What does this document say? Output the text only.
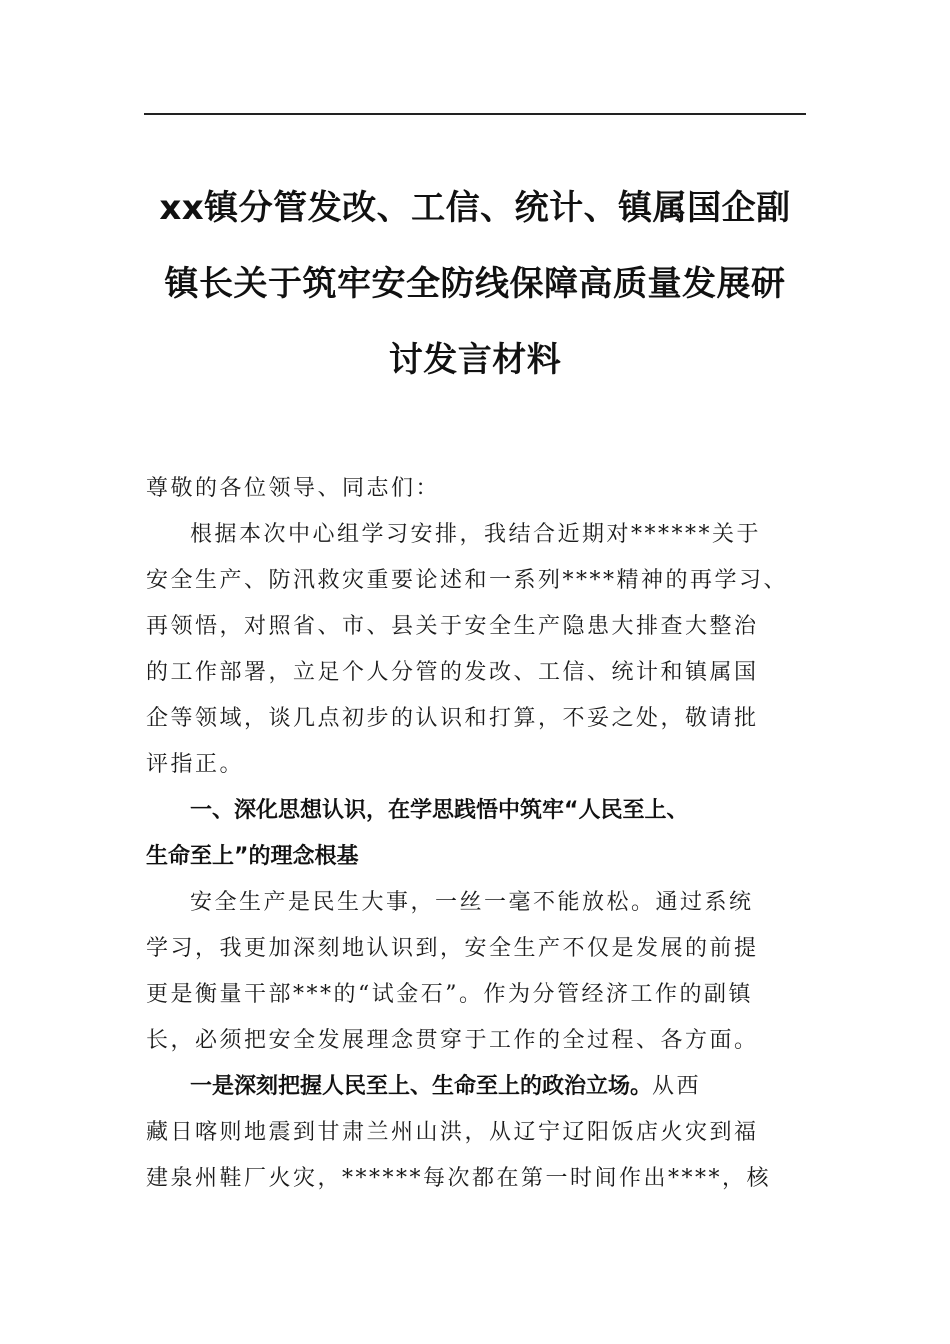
xx镇分管发改、工信、统计、镇属国企副
镇长关于筑牢安全防线保障高质量发展研
讨发言材料
尊敬的各位领导、同志们：
根据本次中心组学习安排，我结合近期对******关于
安全生产、防汛救灾重要论述和一系列****精神的再学习、
再领悟，对照省、市、县关于安全生产隐患大排查大整治
的工作部署，立足个人分管的发改、工信、统计和镇属国
企等领域，谈几点初步的认识和打算，不妥之处，敬请批
评指正。
一、深化思想认识，在学思践悟中筑牢“人民至上、
生命至上”的理念根基
安全生产是民生大事，一丝一毫不能放松。通过系统
学习，我更加深刻地认识到，安全生产不仅是发展的前提
更是衡量干部***的“试金石”。作为分管经济工作的副镇
长，必须把安全发展理念贯穿于工作的全过程、各方面。
一是深刻把握人民至上、生命至上的政治立场。从西
藏日喀则地震到甘肃兰州山洪，从辽宁辽阳饭店火灾到福
建泉州鞋厂火灾，******每次都在第一时间作出****，核
